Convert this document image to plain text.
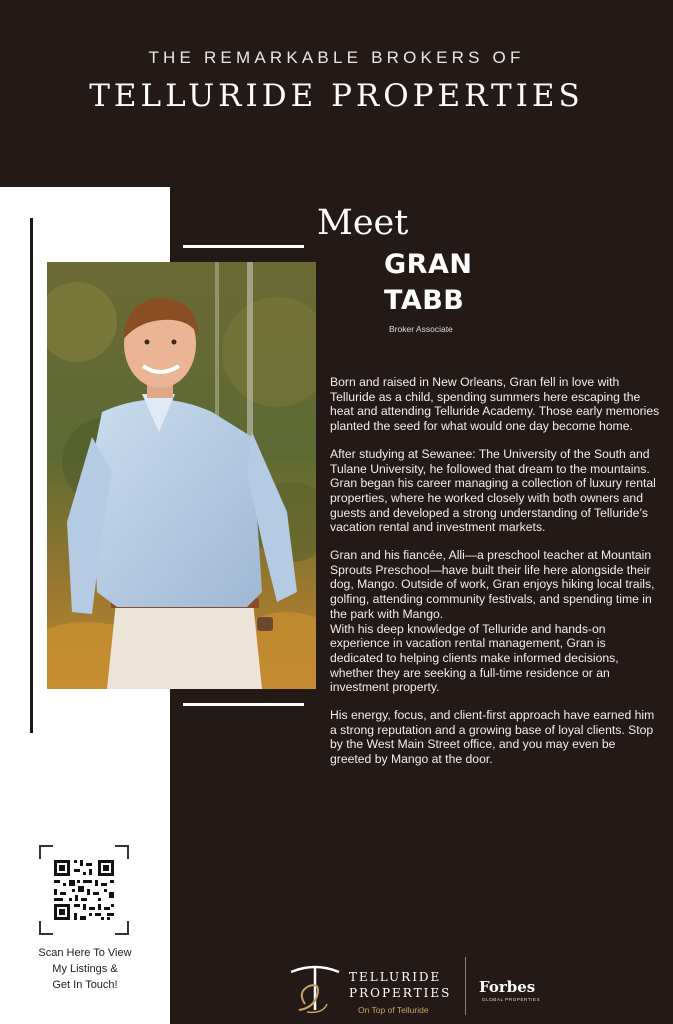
THE REMARKABLE BROKERS OF
TELLURIDE PROPERTIES
Meet
GRAN
TABB
Broker Associate

Born and raised in New Orleans, Gran fell in love with Telluride as a child, spending summers here escaping the heat and attending Telluride Academy. Those early memories planted the seed for what would one day become home.

After studying at Sewanee: The University of the South and Tulane University, he followed that dream to the mountains. Gran began his career managing a collection of luxury rental properties, where he worked closely with both owners and guests and developed a strong understanding of Telluride’s vacation rental and investment markets.

Gran and his fiancée, Alli—a preschool teacher at Mountain Sprouts Preschool—have built their life here alongside their dog, Mango. Outside of work, Gran enjoys hiking local trails, golfing, attending community festivals, and spending time in the park with Mango.

With his deep knowledge of Telluride and hands-on experience in vacation rental management, Gran is dedicated to helping clients make informed decisions, whether they are seeking a full-time residence or an investment property.

His energy, focus, and client-first approach have earned him a strong reputation and a growing base of loyal clients. Stop by the West Main Street office, and you may even be greeted by Mango at the door.

Scan Here To View
My Listings &
Get In Touch!
TELLURIDE
PROPERTIES
On Top of Telluride
Forbes
GLOBAL PROPERTIES
